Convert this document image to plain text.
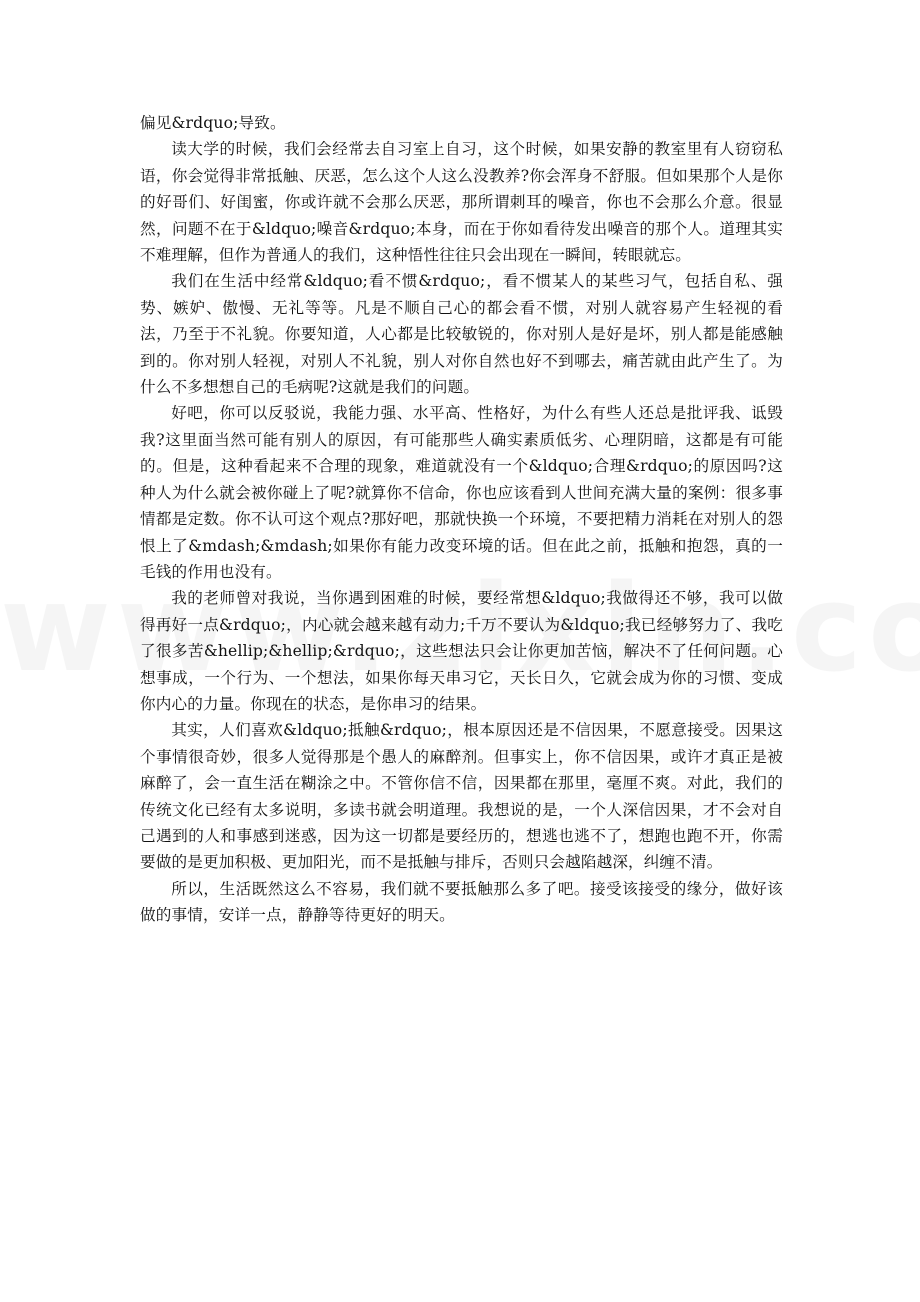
偏见&rdquo;导致。

读大学的时候，我们会经常去自习室上自习，这个时候，如果安静的教室里有人窃窃私语，你会觉得非常抵触、厌恶，怎么这个人这么没教养?你会浑身不舒服。但如果那个人是你的好哥们、好闺蜜，你或许就不会那么厌恶，那所谓刺耳的噪音，你也不会那么介意。很显然，问题不在于&ldquo;噪音&rdquo;本身，而在于你如看待发出噪音的那个人。道理其实不难理解，但作为普通人的我们，这种悟性往往只会出现在一瞬间，转眼就忘。

我们在生活中经常&ldquo;看不惯&rdquo;，看不惯某人的某些习气，包括自私、强势、嫉妒、傲慢、无礼等等。凡是不顺自己心的都会看不惯，对别人就容易产生轻视的看法，乃至于不礼貌。你要知道，人心都是比较敏锐的，你对别人是好是坏，别人都是能感触到的。你对别人轻视，对别人不礼貌，别人对你自然也好不到哪去，痛苦就由此产生了。为什么不多想想自己的毛病呢?这就是我们的问题。

好吧，你可以反驳说，我能力强、水平高、性格好，为什么有些人还总是批评我、诋毁我?这里面当然可能有别人的原因，有可能那些人确实素质低劣、心理阴暗，这都是有可能的。但是，这种看起来不合理的现象，难道就没有一个&ldquo;合理&rdquo;的原因吗?这种人为什么就会被你碰上了呢?就算你不信命，你也应该看到人世间充满大量的案例：很多事情都是定数。你不认可这个观点?那好吧，那就快换一个环境，不要把精力消耗在对别人的怨恨上了&mdash;&mdash;如果你有能力改变环境的话。但在此之前，抵触和抱怨，真的一毛钱的作用也没有。

我的老师曾对我说，当你遇到困难的时候，要经常想&ldquo;我做得还不够，我可以做得再好一点&rdquo;，内心就会越来越有动力;千万不要认为&ldquo;我已经够努力了、我吃了很多苦&hellip;&hellip;&rdquo;，这些想法只会让你更加苦恼，解决不了任何问题。心想事成，一个行为、一个想法，如果你每天串习它，天长日久，它就会成为你的习惯、变成你内心的力量。你现在的状态，是你串习的结果。

其实，人们喜欢&ldquo;抵触&rdquo;，根本原因还是不信因果，不愿意接受。因果这个事情很奇妙，很多人觉得那是个愚人的麻醉剂。但事实上，你不信因果，或许才真正是被麻醉了，会一直生活在糊涂之中。不管你信不信，因果都在那里，毫厘不爽。对此，我们的传统文化已经有太多说明，多读书就会明道理。我想说的是，一个人深信因果，才不会对自己遇到的人和事感到迷惑，因为这一切都是要经历的，想逃也逃不了，想跑也跑不开，你需要做的是更加积极、更加阳光，而不是抵触与排斥，否则只会越陷越深，纠缠不清。

所以，生活既然这么不容易，我们就不要抵触那么多了吧。接受该接受的缘分，做好该做的事情，安详一点，静静等待更好的明天。
